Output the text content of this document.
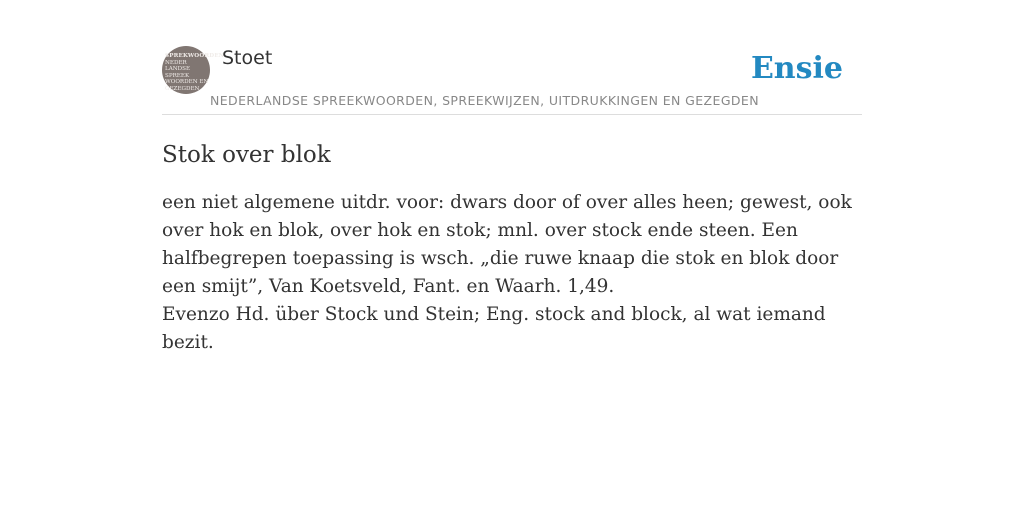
SPREKWOORDEN
NEDER
LANDSE
SPREEK
WOORDEN EN
GEZEGDEN
Stoet
NEDERLANDSE SPREEKWOORDEN, SPREEKWIJZEN, UITDRUKKINGEN EN GEZEGDEN
Ensie
Stok over blok

een niet algemene uitdr. voor: dwars door of over alles heen; gewest, ook over hok en blok, over hok en stok; mnl. over stock ende steen. Een halfbegrepen toepassing is wsch. „die ruwe knaap die stok en blok door een smijt”, Van Koetsveld, Fant. en Waarh. 1,49.

Evenzo Hd. über Stock und Stein; Eng. stock and block, al wat iemand bezit.
